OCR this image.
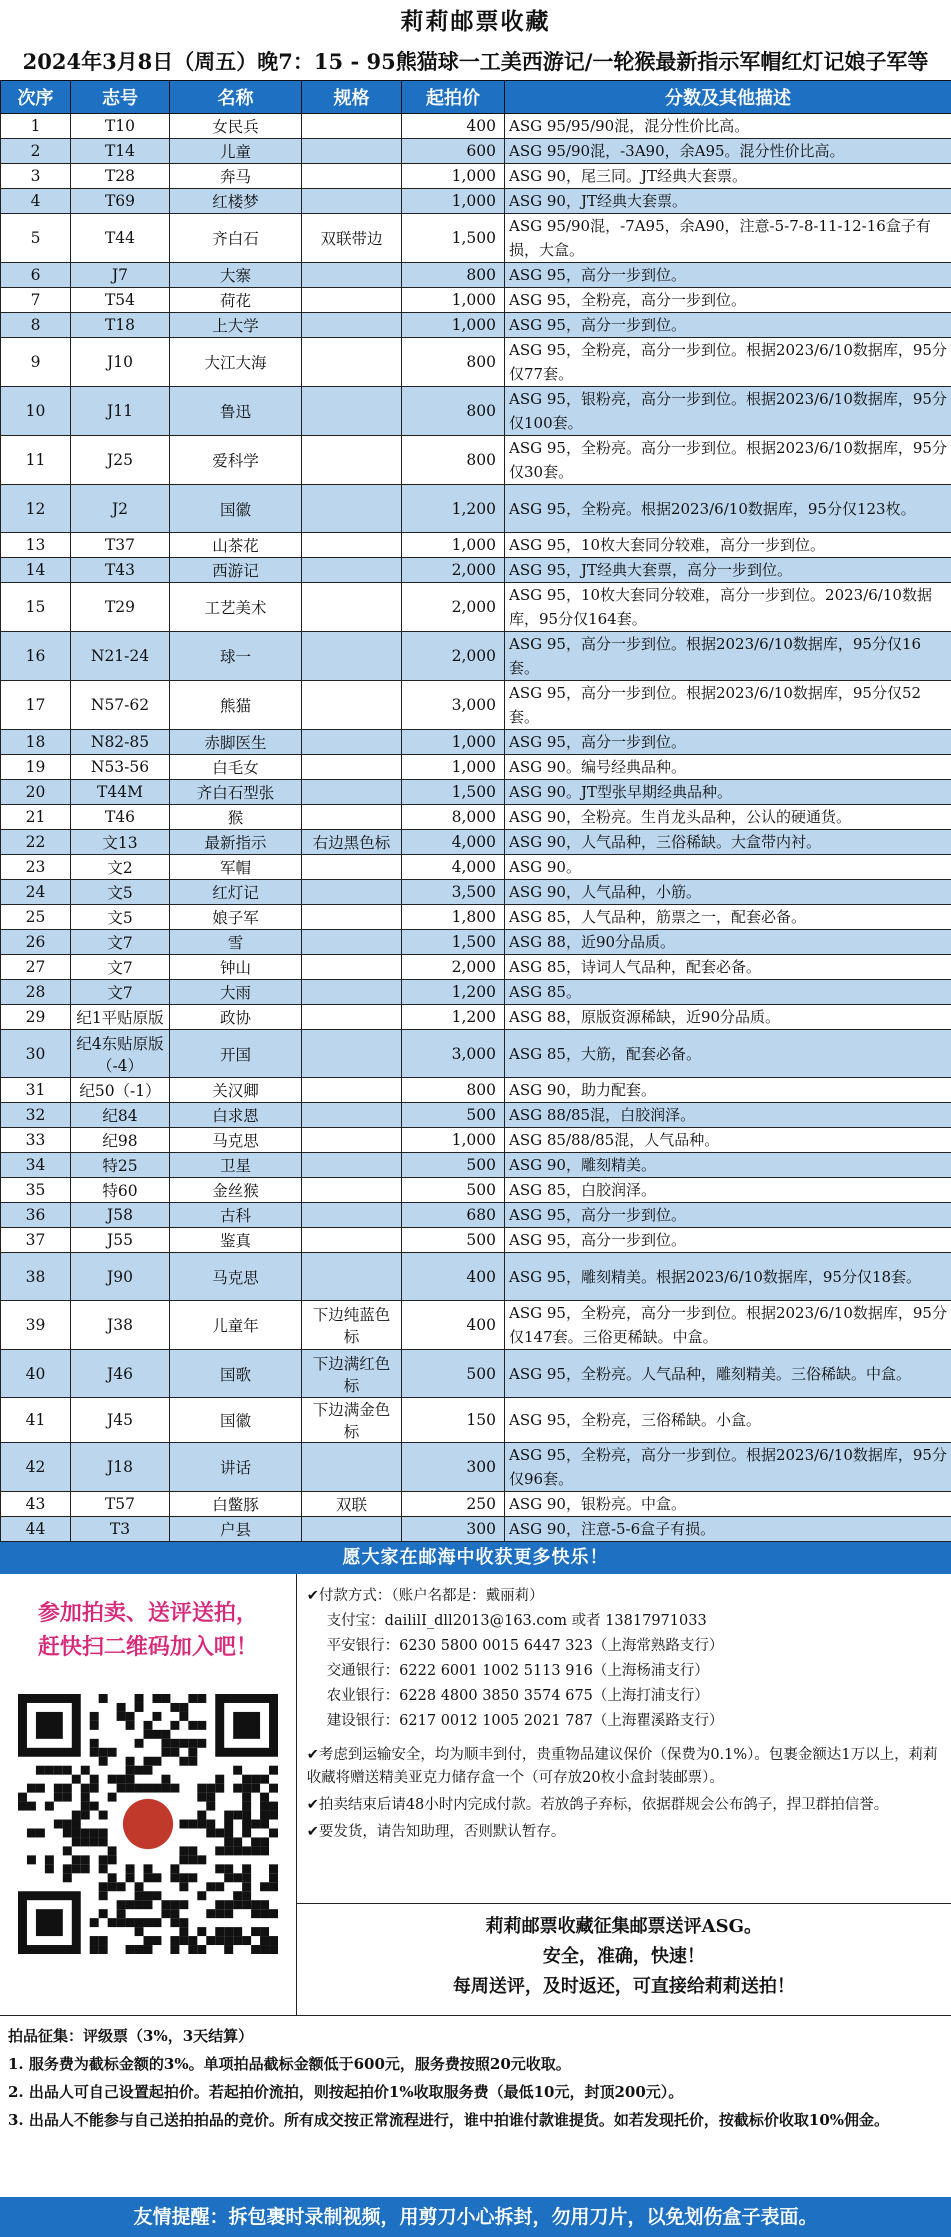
莉莉邮票收藏
2024年3月8日（周五）晚7：15 - 95熊猫球一工美西游记/一轮猴最新指示军帽红灯记娘子军等
次序	志号	名称	规格	起拍价	分数及其他描述
1	T10	女民兵		400	ASG 95/95/90混，混分性价比高。
2	T14	儿童		600	ASG 95/90混，-3A90，余A95。混分性价比高。
3	T28	奔马		1,000	ASG 90，尾三同。JT经典大套票。
4	T69	红楼梦		1,000	ASG 90，JT经典大套票。
5	T44	齐白石	双联带边	1,500	ASG 95/90混，-7A95，余A90，注意-5-7-8-11-12-16盒子有损，大盒。
6	J7	大寨		800	ASG 95，高分一步到位。
7	T54	荷花		1,000	ASG 95，全粉亮，高分一步到位。
8	T18	上大学		1,000	ASG 95，高分一步到位。
9	J10	大江大海		800	ASG 95，全粉亮，高分一步到位。根据2023/6/10数据库，95分仅77套。
10	J11	鲁迅		800	ASG 95，银粉亮，高分一步到位。根据2023/6/10数据库，95分仅100套。
11	J25	爱科学		800	ASG 95，全粉亮。高分一步到位。根据2023/6/10数据库，95分仅30套。
12	J2	国徽		1,200	ASG 95，全粉亮。根据2023/6/10数据库，95分仅123枚。
13	T37	山茶花		1,000	ASG 95，10枚大套同分较难，高分一步到位。
14	T43	西游记		2,000	ASG 95，JT经典大套票，高分一步到位。
15	T29	工艺美术		2,000	ASG 95，10枚大套同分较难，高分一步到位。2023/6/10数据库，95分仅164套。
16	N21-24	球一		2,000	ASG 95，高分一步到位。根据2023/6/10数据库，95分仅16套。
17	N57-62	熊猫		3,000	ASG 95，高分一步到位。根据2023/6/10数据库，95分仅52套。
18	N82-85	赤脚医生		1,000	ASG 95，高分一步到位。
19	N53-56	白毛女		1,000	ASG 90。编号经典品种。
20	T44M	齐白石型张		1,500	ASG 90。JT型张早期经典品种。
21	T46	猴		8,000	ASG 90，全粉亮。生肖龙头品种，公认的硬通货。
22	文13	最新指示	右边黑色标	4,000	ASG 90，人气品种，三俗稀缺。大盒带内衬。
23	文2	军帽		4,000	ASG 90。
24	文5	红灯记		3,500	ASG 90，人气品种，小筋。
25	文5	娘子军		1,800	ASG 85，人气品种，筋票之一，配套必备。
26	文7	雪		1,500	ASG 88，近90分品质。
27	文7	钟山		2,000	ASG 85，诗词人气品种，配套必备。
28	文7	大雨		1,200	ASG 85。
29	纪1平贴原版	政协		1,200	ASG 88，原版资源稀缺，近90分品质。
30	纪4东贴原版（-4）	开国		3,000	ASG 85，大筋，配套必备。
31	纪50（-1）	关汉卿		800	ASG 90，助力配套。
32	纪84	白求恩		500	ASG 88/85混，白胶润泽。
33	纪98	马克思		1,000	ASG 85/88/85混，人气品种。
34	特25	卫星		500	ASG 90，雕刻精美。
35	特60	金丝猴		500	ASG 85，白胶润泽。
36	J58	古科		680	ASG 95，高分一步到位。
37	J55	鉴真		500	ASG 95，高分一步到位。
38	J90	马克思		400	ASG 95，雕刻精美。根据2023/6/10数据库，95分仅18套。
39	J38	儿童年	下边纯蓝色标	400	ASG 95，全粉亮，高分一步到位。根据2023/6/10数据库，95分仅147套。三俗更稀缺。中盒。
40	J46	国歌	下边满红色标	500	ASG 95，全粉亮。人气品种，雕刻精美。三俗稀缺。中盒。
41	J45	国徽	下边满金色标	150	ASG 95，全粉亮，三俗稀缺。小盒。
42	J18	讲话		300	ASG 95，全粉亮，高分一步到位。根据2023/6/10数据库，95分仅96套。
43	T57	白鳖豚	双联	250	ASG 90，银粉亮。中盒。
44	T3	户县		300	ASG 90，注意-5-6盒子有损。
愿大家在邮海中收获更多快乐！
参加拍卖、送评送拍，
赶快扫二维码加入吧！
✔付款方式：（账户名都是：戴丽莉）
支付宝：daililI_dll2013@163.com 或者 13817971033
平安银行：6230 5800 0015 6447 323（上海常熟路支行）
交通银行：6222 6001 1002 5113 916（上海杨浦支行）
农业银行：6228 4800 3850 3574 675（上海打浦支行）
建设银行：6217 0012 1005 2021 787（上海瞿溪路支行）

✔考虑到运输安全，均为顺丰到付，贵重物品建议保价（保费为0.1%）。包裹金额达1万以上，莉莉收藏将赠送精美亚克力储存盒一个（可存放20枚小盒封装邮票）。

✔拍卖结束后请48小时内完成付款。若放鸽子弃标，依据群规会公布鸽子，捍卫群拍信誉。

✔要发货，请告知助理，否则默认暂存。

莉莉邮票收藏征集邮票送评ASG。
安全，准确，快速！
每周送评，及时返还，可直接给莉莉送拍！
拍品征集：评级票（3%，3天结算）
1. 服务费为截标金额的3%。单项拍品截标金额低于600元，服务费按照20元收取。
2. 出品人可自己设置起拍价。若起拍价流拍，则按起拍价1%收取服务费（最低10元，封顶200元）。
3. 出品人不能参与自己送拍拍品的竞价。所有成交按正常流程进行，谁中拍谁付款谁提货。如若发现托价，按截标价收取10%佣金。
友情提醒：拆包裹时录制视频，用剪刀小心拆封，勿用刀片，以免划伤盒子表面。
